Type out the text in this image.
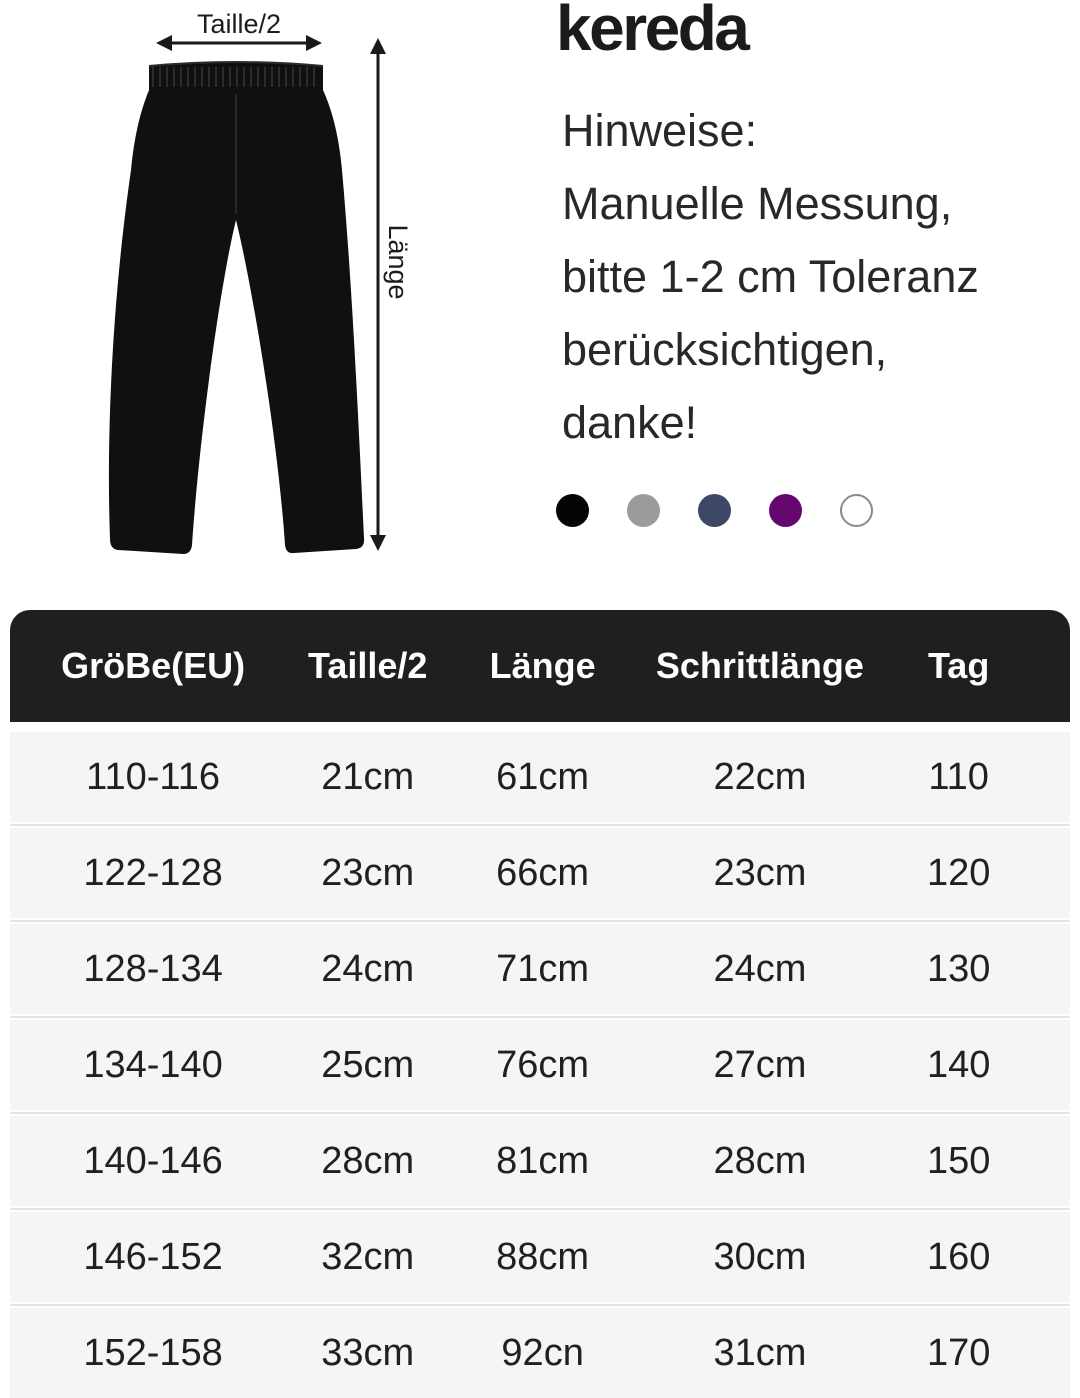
Taille/2
Länge
kereda
Hinweise:
Manuelle Messung,
bitte 1-2 cm Toleranz
berücksichtigen,
danke!
GröBe(EU)	Taille/2	Länge	Schrittlänge	Tag
110-116	21cm	61cm	22cm	110
122-128	23cm	66cm	23cm	120
128-134	24cm	71cm	24cm	130
134-140	25cm	76cm	27cm	140
140-146	28cm	81cm	28cm	150
146-152	32cm	88cm	30cm	160
152-158	33cm	92cn	31cm	170
